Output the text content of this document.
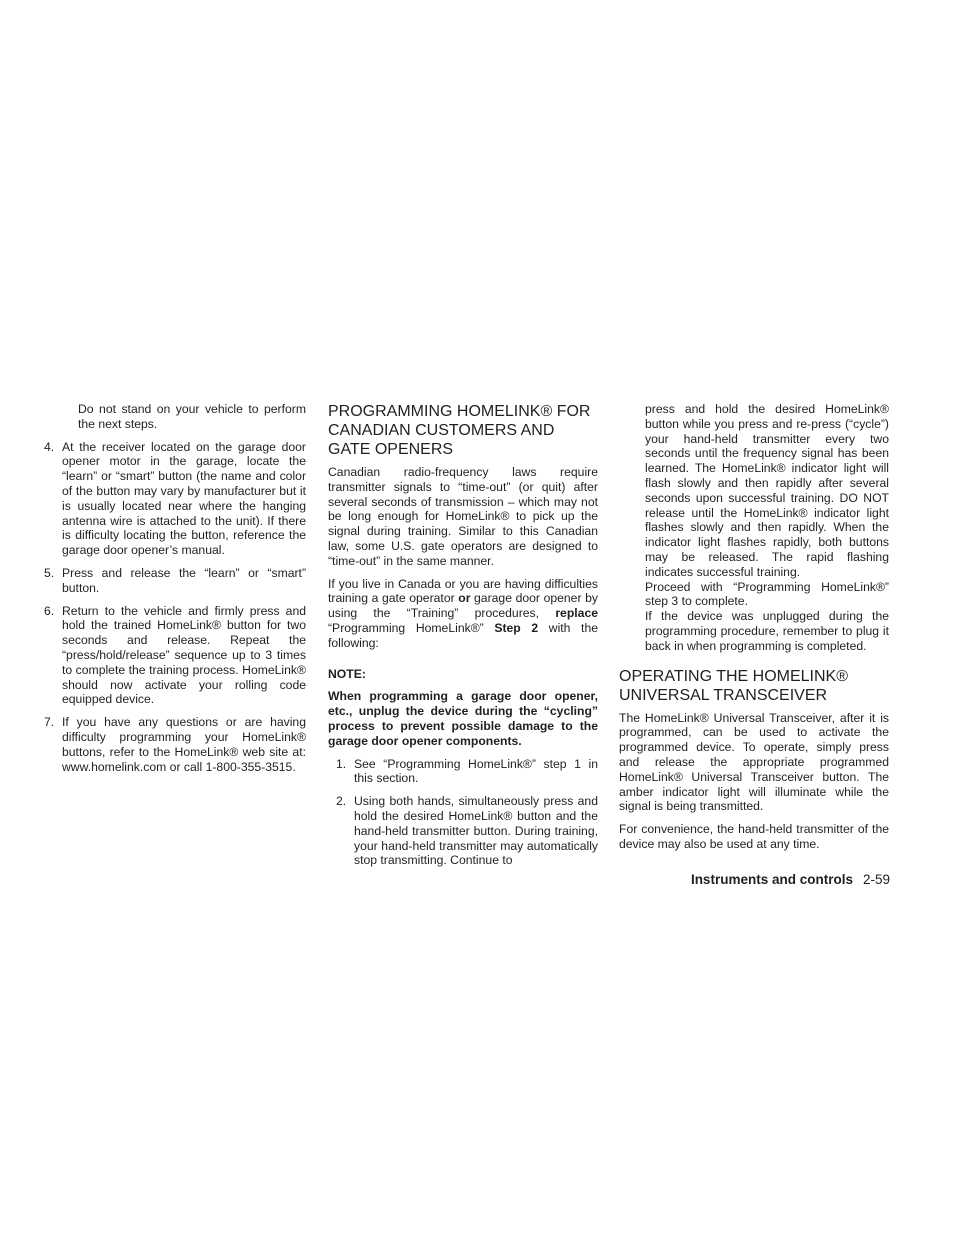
Do not stand on your vehicle to perform the next steps.

4. At the receiver located on the garage door opener motor in the garage, locate the “learn” or “smart” button (the name and color of the button may vary by manufacturer but it is usually located near where the hanging antenna wire is attached to the unit). If there is difficulty locating the button, reference the garage door opener’s manual.
5. Press and release the “learn” or “smart” button.
6. Return to the vehicle and firmly press and hold the trained HomeLink® button for two seconds and release. Repeat the “press/hold/release” sequence up to 3 times to complete the training process. HomeLink® should now activate your rolling code equipped device.
7. If you have any questions or are having difficulty programming your HomeLink® buttons, refer to the HomeLink® web site at: www.homelink.com or call 1-800-355-3515.
PROGRAMMING HOMELINK® FOR CANADIAN CUSTOMERS AND GATE OPENERS

Canadian radio-frequency laws require transmitter signals to “time-out” (or quit) after several seconds of transmission – which may not be long enough for HomeLink® to pick up the signal during training. Similar to this Canadian law, some U.S. gate operators are designed to “time-out” in the same manner.

If you live in Canada or you are having difficulties training a gate operator or garage door opener by using the “Training” procedures, replace “Programming HomeLink®” Step 2 with the following:

NOTE:

When programming a garage door opener, etc., unplug the device during the “cycling” process to prevent possible damage to the garage door opener components.

1. See “Programming HomeLink®” step 1 in this section.
2. Using both hands, simultaneously press and hold the desired HomeLink® button and the hand-held transmitter button. During training, your hand-held transmitter may automatically stop transmitting. Continue to

press and hold the desired HomeLink® button while you press and re-press (“cycle”) your hand-held transmitter every two seconds until the frequency signal has been learned. The HomeLink® indicator light will flash slowly and then rapidly after several seconds upon successful training. DO NOT release until the HomeLink® indicator light flashes slowly and then rapidly. When the indicator light flashes rapidly, both buttons may be released. The rapid flashing indicates successful training.

Proceed with “Programming HomeLink®” step 3 to complete.

If the device was unplugged during the programming procedure, remember to plug it back in when programming is completed.

OPERATING THE HOMELINK® UNIVERSAL TRANSCEIVER

The HomeLink® Universal Transceiver, after it is programmed, can be used to activate the programmed device. To operate, simply press and release the appropriate programmed HomeLink® Universal Transceiver button. The amber indicator light will illuminate while the signal is being transmitted.

For convenience, the hand-held transmitter of the device may also be used at any time.

Instruments and controls 2-59
